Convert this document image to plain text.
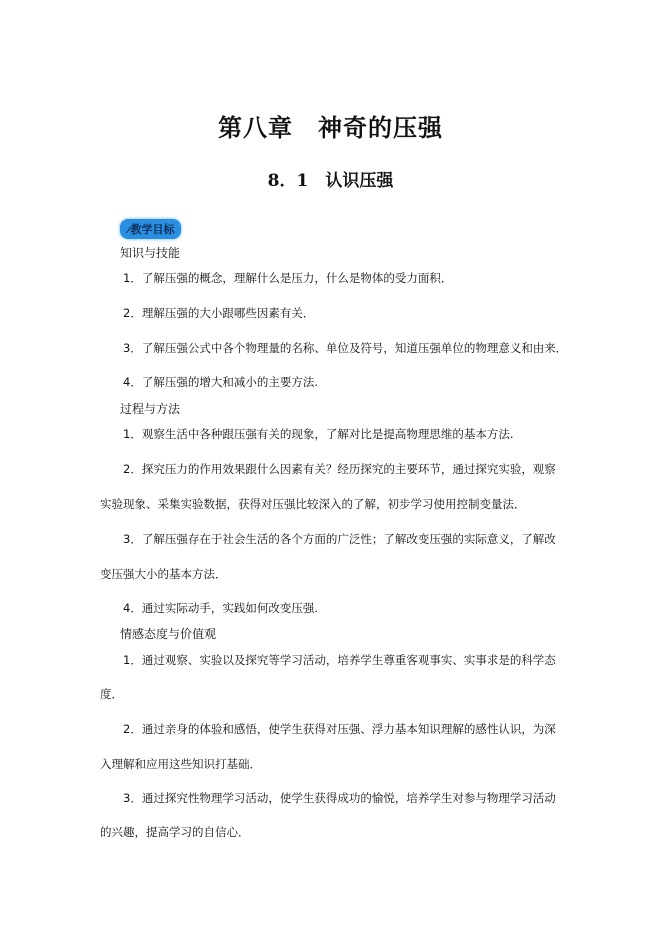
第八章　神奇的压强
8．1　认识压强
⁄教学目标
知识与技能
1．了解压强的概念，理解什么是压力，什么是物体的受力面积．
2．理解压强的大小跟哪些因素有关．
3．了解压强公式中各个物理量的名称、单位及符号，知道压强单位的物理意义和由来．
4．了解压强的增大和减小的主要方法.
过程与方法
1．观察生活中各种跟压强有关的现象，了解对比是提高物理思维的基本方法.
2．探究压力的作用效果跟什么因素有关？经历探究的主要环节，通过探究实验，观察
实验现象、采集实验数据，获得对压强比较深入的了解，初步学习使用控制变量法．
3．了解压强存在于社会生活的各个方面的广泛性；了解改变压强的实际意义，了解改
变压强大小的基本方法．
4．通过实际动手，实践如何改变压强.
情感态度与价值观
1．通过观察、实验以及探究等学习活动，培养学生尊重客观事实、实事求是的科学态
度．
2．通过亲身的体验和感悟，使学生获得对压强、浮力基本知识理解的感性认识，为深
入理解和应用这些知识打基础．
3．通过探究性物理学习活动，使学生获得成功的愉悦，培养学生对参与物理学习活动
的兴趣，提高学习的自信心．
